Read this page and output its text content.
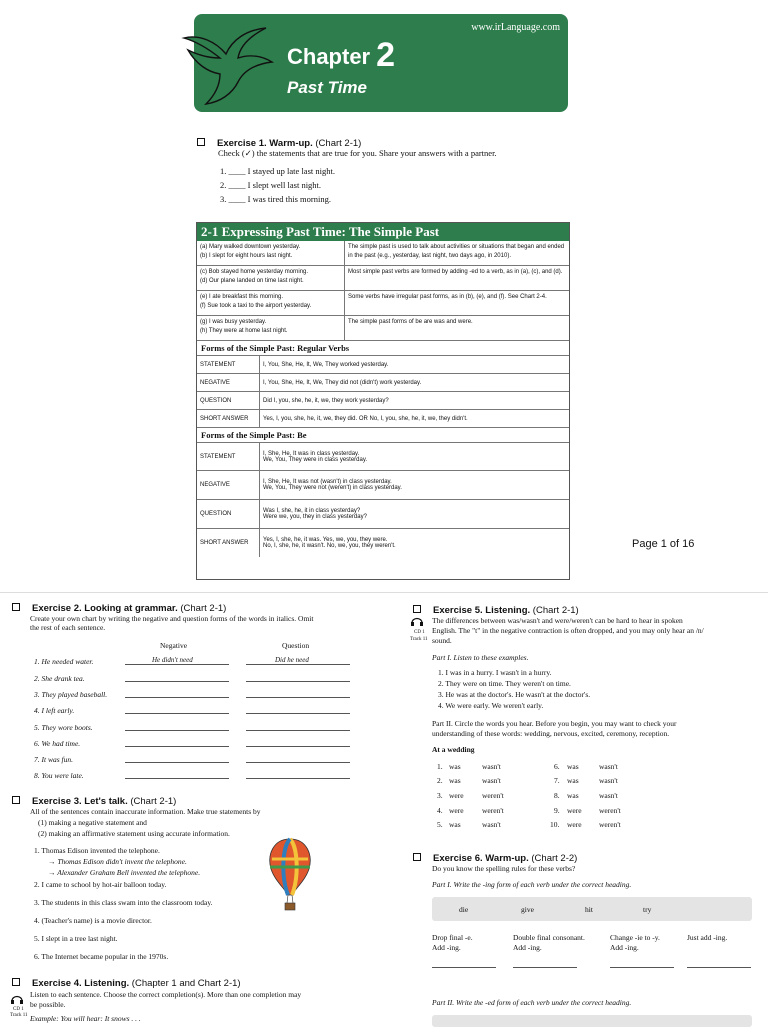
www.irLanguage.com
Chapter 2
Past Time
Exercise 1. Warm-up. (Chart 2-1)
Check (✓) the statements that are true for you. Share your answers with a partner.
1. ____ I stayed up late last night.
2. ____ I slept well last night.
3. ____ I was tired this morning.
2-1 Expressing Past Time: The Simple Past
(a) Mary walked downtown yesterday.
(b) I slept for eight hours last night.
The simple past is used to talk about activities or situations that began and ended in the past (e.g., yesterday, last night, two days ago, in 2010).
(c) Bob stayed home yesterday morning.
(d) Our plane landed on time last night.
Most simple past verbs are formed by adding -ed to a verb, as in (a), (c), and (d).
(e) I ate breakfast this morning.
(f) Sue took a taxi to the airport yesterday.
Some verbs have irregular past forms, as in (b), (e), and (f). See Chart 2-4.
(g) I was busy yesterday.
(h) They were at home last night.
The simple past forms of be are was and were.
Forms of the Simple Past: Regular Verbs
STATEMENT	I, You, She, He, It, We, They worked yesterday.
NEGATIVE	I, You, She, He, It, We, They did not (didn't) work yesterday.
QUESTION	Did I, you, she, he, it, we, they work yesterday?
SHORT ANSWER	Yes, I, you, she, he, it, we, they did. OR No, I, you, she, he, it, we, they didn't.
Forms of the Simple Past: Be
STATEMENT	I, She, He, It was in class yesterday.
We, You, They were in class yesterday.
NEGATIVE	I, She, He, It was not (wasn't) in class yesterday.
We, You, They were not (weren't) in class yesterday.
QUESTION	Was I, she, he, it in class yesterday?
Were we, you, they in class yesterday?
SHORT ANSWER	Yes, I, she, he, it was. Yes, we, you, they were.
No, I, she, he, it wasn't. No, we, you, they weren't.	Page 1 of 16
Exercise 2. Looking at grammar. (Chart 2-1)
Create your own chart by writing the negative and question forms of the words in italics. Omit
the rest of each sentence.
Negative	Question
1. He needed water.	He didn't need	Did he need
2. She drank tea.
3. They played baseball.
4. I left early.
5. They wore boots.
6. We had time.
7. It was fun.
8. You were late.
Exercise 3. Let's talk. (Chart 2-1)
All of the sentences contain inaccurate information. Make true statements by
(1) making a negative statement and
(2) making an affirmative statement using accurate information.
1. Thomas Edison invented the telephone.
→ Thomas Edison didn't invent the telephone.
→ Alexander Graham Bell invented the telephone.
2. I came to school by hot-air balloon today.
3. The students in this class swam into the classroom today.
4. (Teacher's name) is a movie director.
5. I slept in a tree last night.
6. The Internet became popular in the 1970s.
Exercise 4. Listening. (Chapter 1 and Chart 2-1)
CD 1
Track 11
Listen to each sentence. Choose the correct completion(s). More than one completion may
be possible.
Example: You will hear: It snows . . .
Exercise 5. Listening. (Chart 2-1)
CD 1
Track 11
The differences between was/wasn't and were/weren't can be hard to hear in spoken
English. The "t" in the negative contraction is often dropped, and you may only hear an /n/
sound.
Part I. Listen to these examples.
1. I was in a hurry. I wasn't in a hurry.
2. They were on time. They weren't on time.
3. He was at the doctor's. He wasn't at the doctor's.
4. We were early. We weren't early.
Part II. Circle the words you hear. Before you begin, you may want to check your
understanding of these words: wedding, nervous, excited, ceremony, reception.
At a wedding
1. was	wasn't
2. was	wasn't
3. were weren't
4. were weren't
5. was	wasn't
6. was	wasn't
7. was	wasn't
8. was	wasn't
9. were weren't
10. were weren't
Exercise 6. Warm-up. (Chart 2-2)
Do you know the spelling rules for these verbs?
Part I. Write the -ing form of each verb under the correct heading.
die	give	hit	try
Drop final -e.
Add -ing.
Double final consonant.
Add -ing.
Change -ie to -y.
Add -ing.
Just add -ing.
Part II. Write the -ed form of each verb under the correct heading.
